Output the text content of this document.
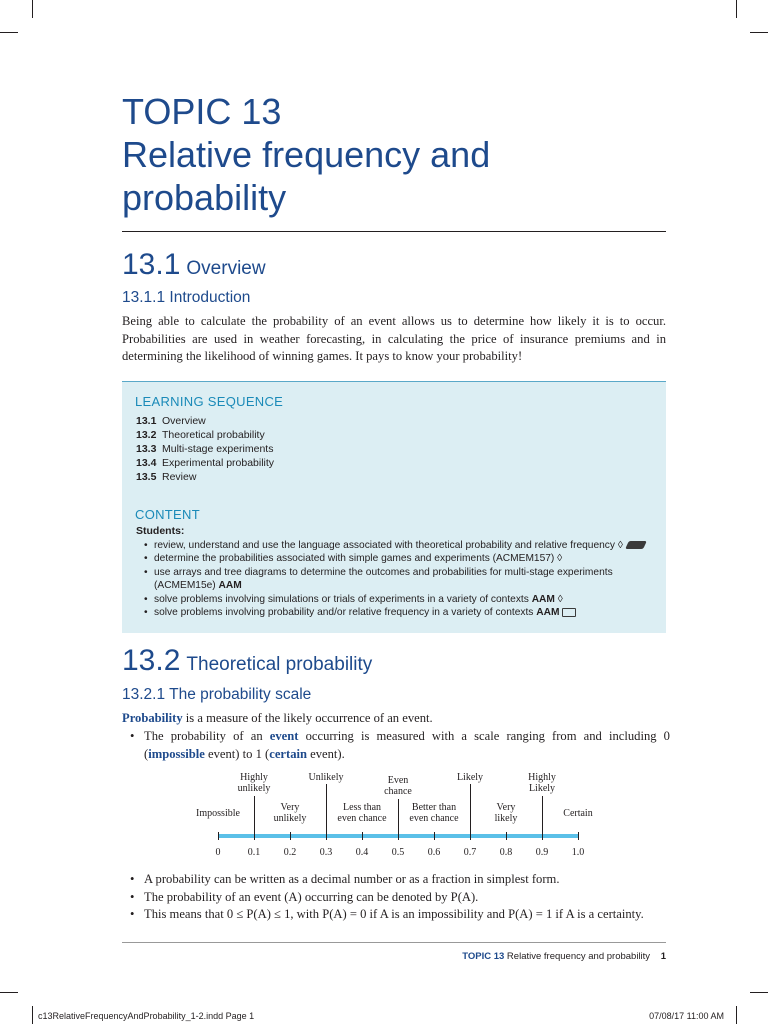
TOPIC 13
Relative frequency and
probability
13.1 Overview
13.1.1 Introduction
Being able to calculate the probability of an event allows us to determine how likely it is to occur. Probabilities are used in weather forecasting, in calculating the price of insurance premiums and in determining the likelihood of winning games. It pays to know your probability!
LEARNING SEQUENCE
13.1 Overview
13.2 Theoretical probability
13.3 Multi-stage experiments
13.4 Experimental probability
13.5 Review
CONTENT
Students:
• review, understand and use the language associated with theoretical probability and relative frequency ◊
• determine the probabilities associated with simple games and experiments (ACMEM157) ◊
• use arrays and tree diagrams to determine the outcomes and probabilities for multi-stage experiments (ACMEM15e) AAM
• solve problems involving simulations or trials of experiments in a variety of contexts AAM ◊
• solve problems involving probability and/or relative frequency in a variety of contexts AAM
13.2 Theoretical probability
13.2.1 The probability scale
Probability is a measure of the likely occurrence of an event.
• The probability of an event occurring is measured with a scale ranging from and including 0 (impossible event) to 1 (certain event).
0	0.1 0.2 0.3 0.4 0.5 0.6 0.7 0.8 0.9 1.0
Highly
unlikely
Unlikely	Even
chance
Likely	Highly
Likely
Impossible
Very
unlikely
Less than
even chance
Better than
even chance
Very
likely	Certain
• A probability can be written as a decimal number or as a fraction in simplest form.
• The probability of an event (A) occurring can be denoted by P(A).
• This means that 0 ≤ P(A) ≤ 1, with P(A) = 0 if A is an impossibility and P(A) = 1 if A is a certainty.
TOPIC 13 Relative frequency and probability 1
c13RelativeFrequencyAndProbability_1-2.indd Page 1	07/08/17 11:00 AM
